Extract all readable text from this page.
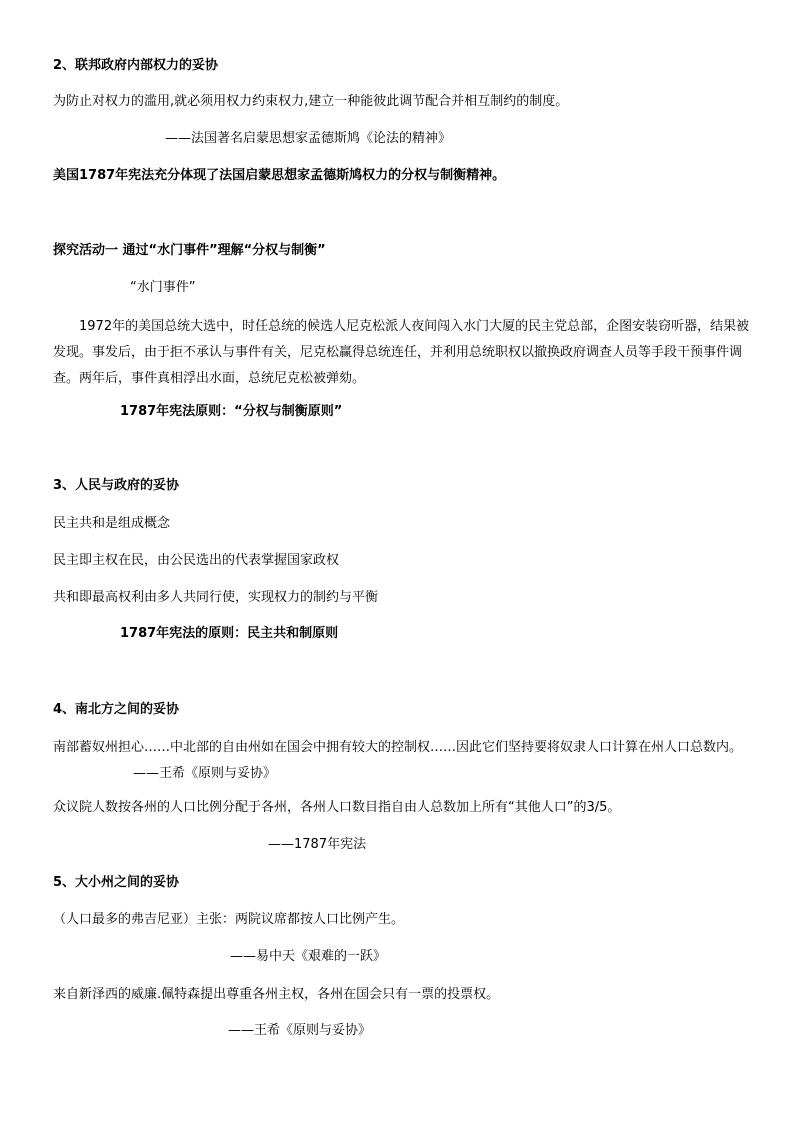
2、联邦政府内部权力的妥协
为防止对权力的滥用,就必须用权力约束权力,建立一种能彼此调节配合并相互制约的制度。
——法国著名启蒙思想家孟德斯鸠《论法的精神》
美国1787年宪法充分体现了法国启蒙思想家孟德斯鸠权力的分权与制衡精神。
探究活动一 通过“水门事件”理解“分权与制衡”
“水门事件”
1972年的美国总统大选中，时任总统的候选人尼克松派人夜间闯入水门大厦的民主党总部，企图安装窃听器，结果被发现。事发后，由于拒不承认与事件有关，尼克松赢得总统连任，并利用总统职权以撤换政府调查人员等手段干预事件调查。两年后，事件真相浮出水面，总统尼克松被弹劾。
1787年宪法原则：“分权与制衡原则”
3、人民与政府的妥协
民主共和是组成概念
民主即主权在民，由公民选出的代表掌握国家政权
共和即最高权利由多人共同行使，实现权力的制约与平衡
1787年宪法的原则：民主共和制原则
4、南北方之间的妥协
南部蓄奴州担心……中北部的自由州如在国会中拥有较大的控制权……因此它们坚持要将奴隶人口计算在州人口总数内。——王希《原则与妥协》
众议院人数按各州的人口比例分配于各州，各州人口数目指自由人总数加上所有“其他人口”的3/5。
——1787年宪法
5、大小州之间的妥协
（人口最多的弗吉尼亚）主张：两院议席都按人口比例产生。
——易中天《艰难的一跃》
来自新泽西的威廉.佩特森提出尊重各州主权，各州在国会只有一票的投票权。
——王希《原则与妥协》
